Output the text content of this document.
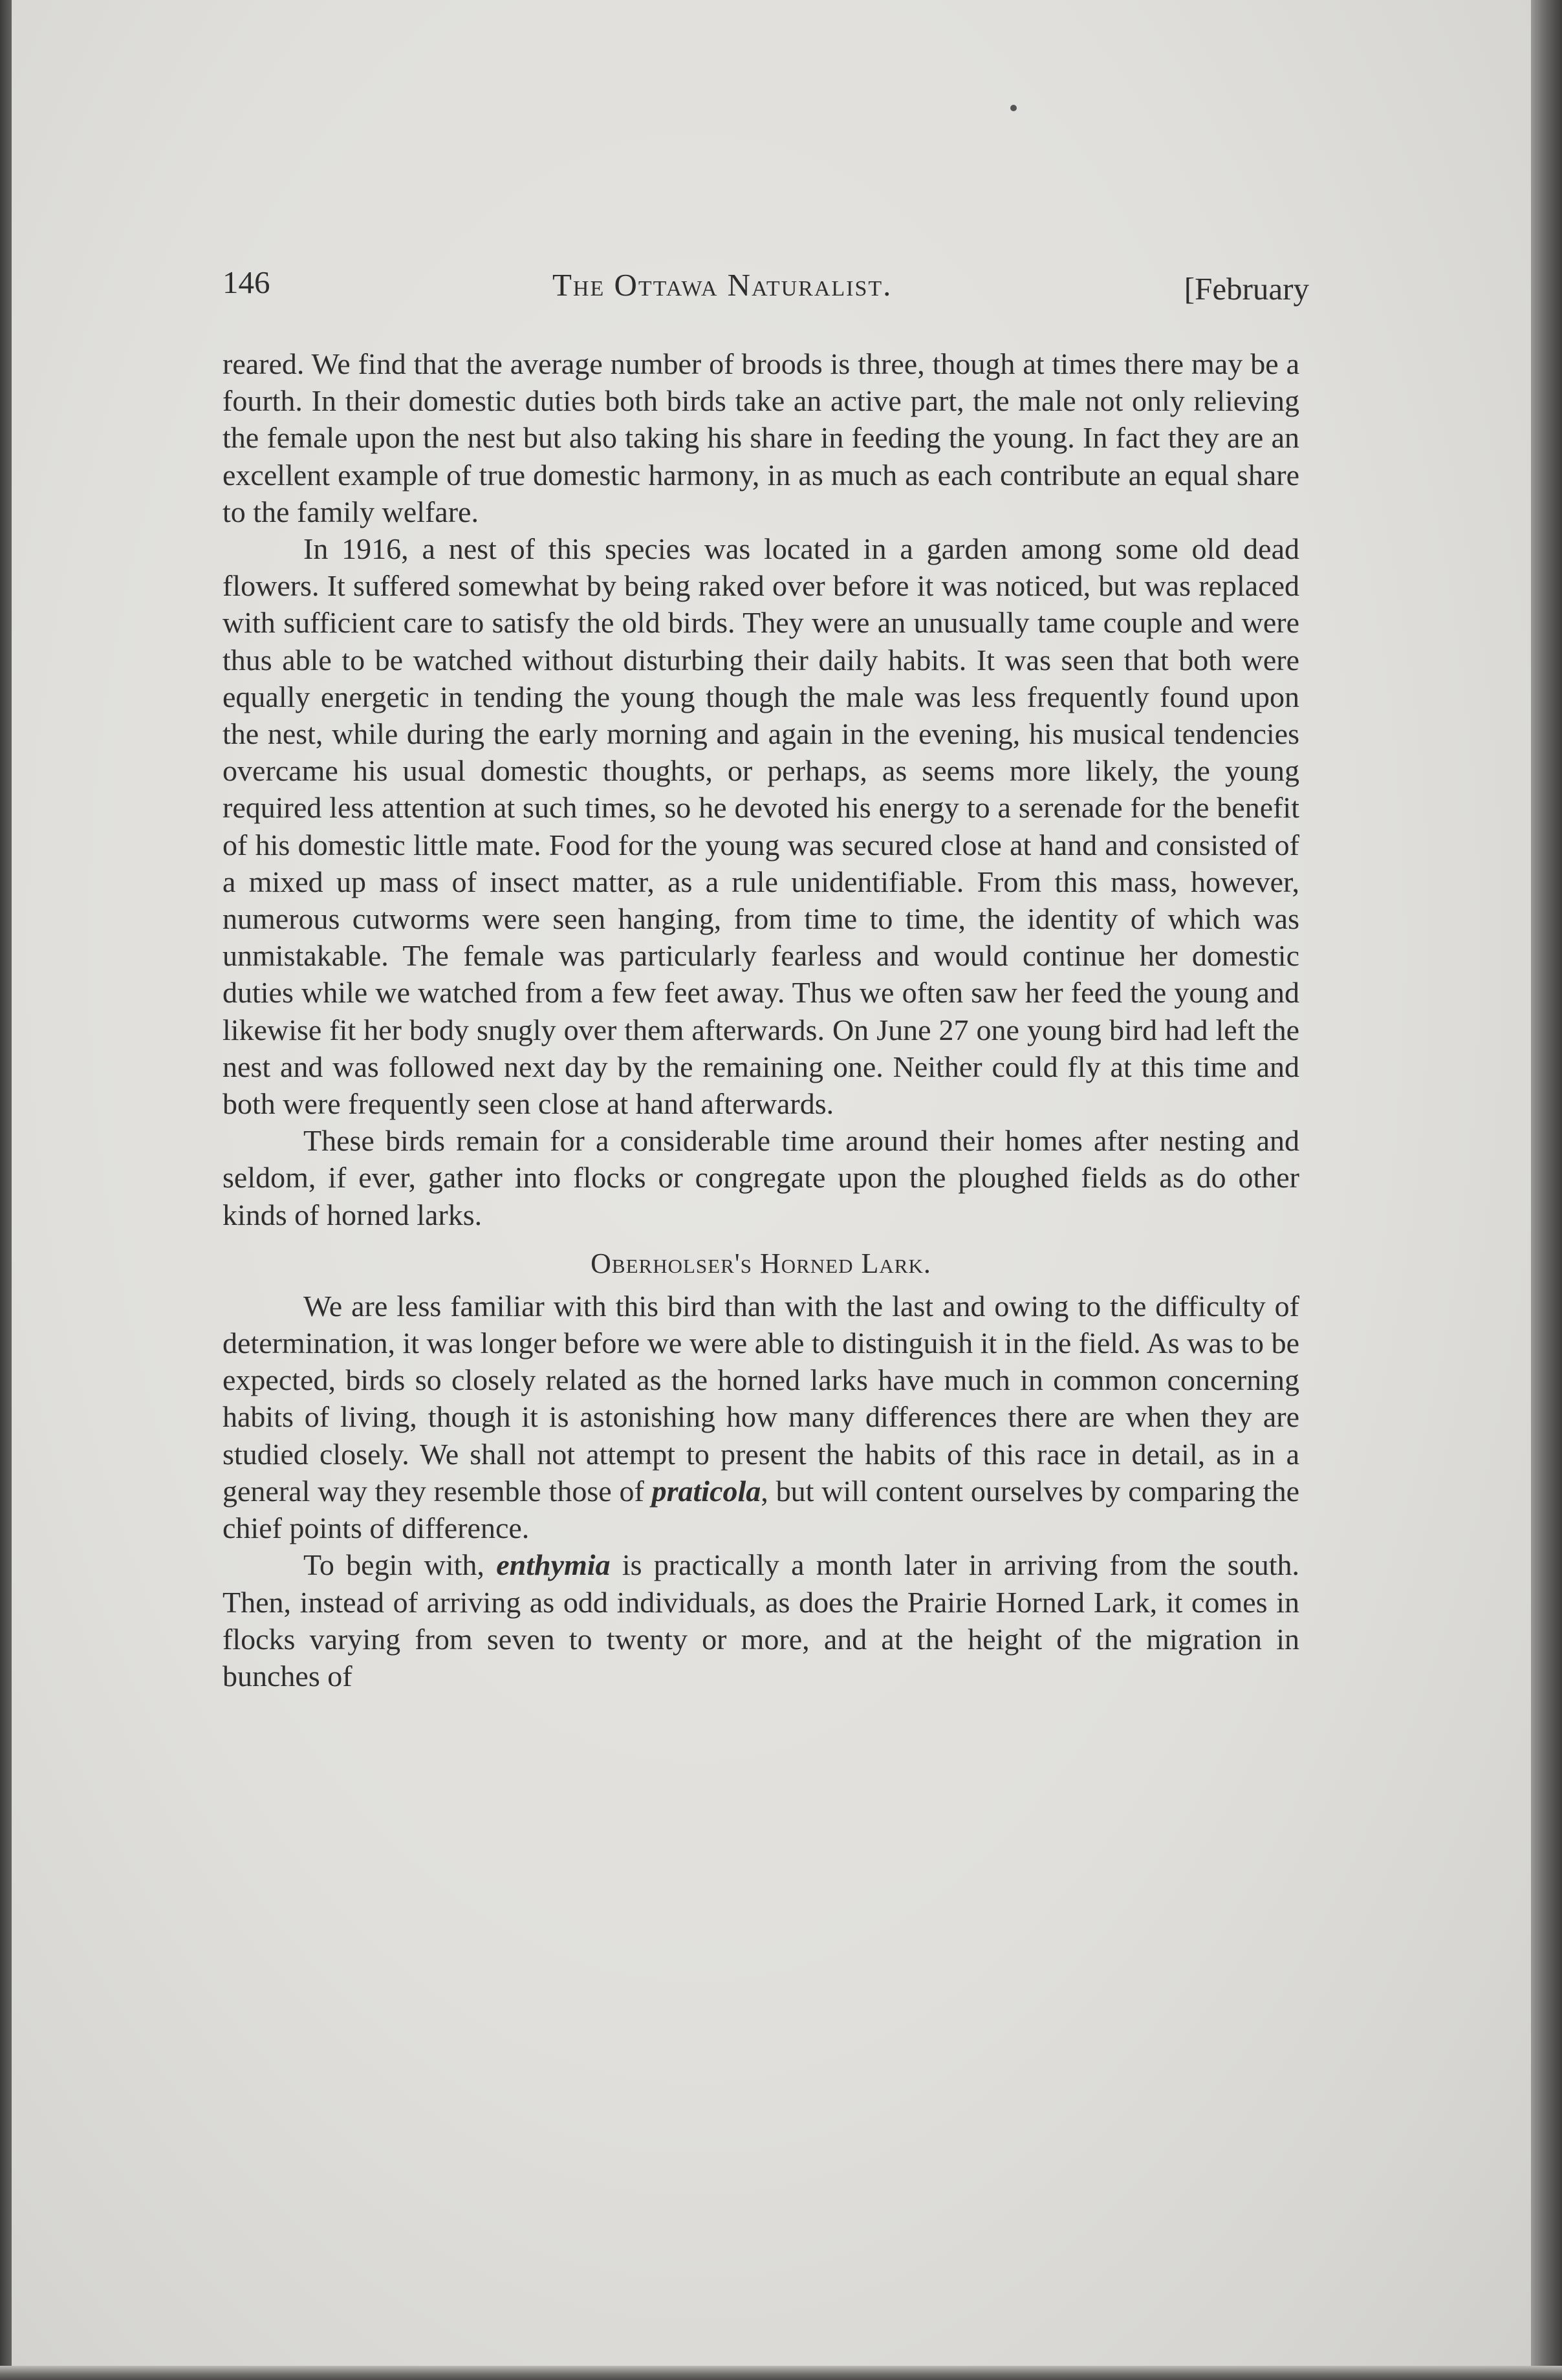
146	The Ottawa Naturalist.	[February

reared. We find that the average number of broods is three, though at times there may be a fourth. In their domestic duties both birds take an active part, the male not only relieving the female upon the nest but also taking his share in feeding the young. In fact they are an excellent example of true domestic harmony, in as much as each contribute an equal share to the family welfare.

In 1916, a nest of this species was located in a garden among some old dead flowers. It suffered somewhat by being raked over before it was noticed, but was replaced with sufficient care to satisfy the old birds. They were an unusually tame couple and were thus able to be watched without disturbing their daily habits. It was seen that both were equally energetic in tending the young though the male was less frequently found upon the nest, while during the early morning and again in the evening, his musical tendencies overcame his usual domestic thoughts, or perhaps, as seems more likely, the young required less attention at such times, so he devoted his energy to a serenade for the benefit of his domestic little mate. Food for the young was secured close at hand and consisted of a mixed up mass of insect matter, as a rule unidentifiable. From this mass, however, numerous cutworms were seen hanging, from time to time, the identity of which was unmistakable. The female was particularly fearless and would continue her domestic duties while we watched from a few feet away. Thus we often saw her feed the young and likewise fit her body snugly over them afterwards. On June 27 one young bird had left the nest and was followed next day by the remaining one. Neither could fly at this time and both were frequently seen close at hand afterwards.

These birds remain for a considerable time around their homes after nesting and seldom, if ever, gather into flocks or congregate upon the ploughed fields as do other kinds of horned larks.

Oberholser's Horned Lark.

We are less familiar with this bird than with the last and owing to the difficulty of determination, it was longer before we were able to distinguish it in the field. As was to be expected, birds so closely related as the horned larks have much in common concerning habits of living, though it is astonishing how many differences there are when they are studied closely. We shall not attempt to present the habits of this race in detail, as in a general way they resemble those of praticola, but will content ourselves by comparing the chief points of difference.

To begin with, enthymia is practically a month later in arriving from the south. Then, instead of arriving as odd individuals, as does the Prairie Horned Lark, it comes in flocks varying from seven to twenty or more, and at the height of the migration in bunches of
